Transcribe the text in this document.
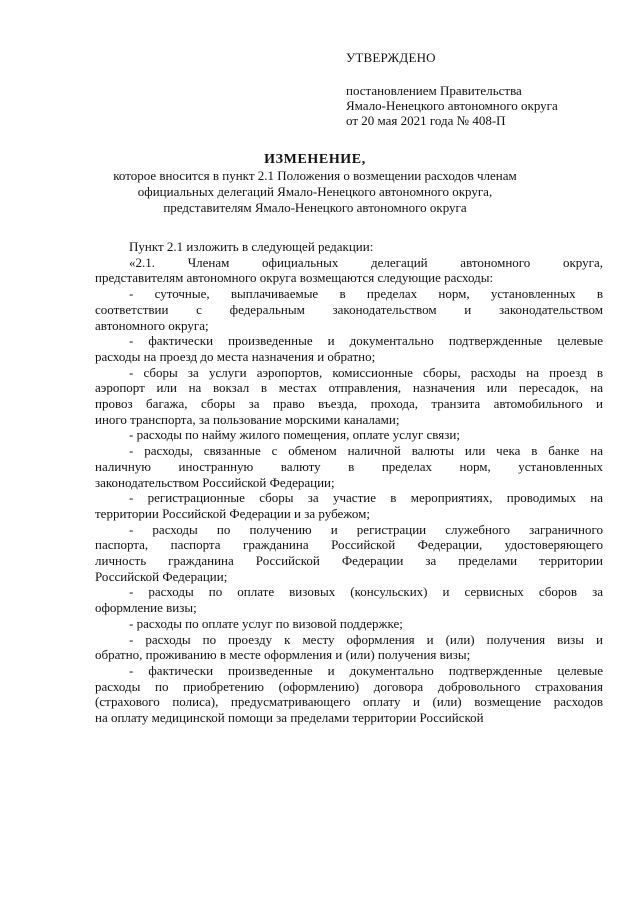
УТВЕРЖДЕНО
постановлением Правительства
Ямало-Ненецкого автономного округа
от 20 мая 2021 года № 408-П
ИЗМЕНЕНИЕ,
которое вносится в пункт 2.1 Положения о возмещении расходов членам
официальных делегаций Ямало-Ненецкого автономного округа,
представителям Ямало-Ненецкого автономного округа
Пункт 2.1 изложить в следующей редакции:
«2.1. Членам официальных делегаций автономного округа,
представителям автономного округа возмещаются следующие расходы:
- суточные, выплачиваемые в пределах норм, установленных в
соответствии с федеральным законодательством и законодательством
автономного округа;
- фактически произведенные и документально подтвержденные целевые
расходы на проезд до места назначения и обратно;
- сборы за услуги аэропортов, комиссионные сборы, расходы на проезд в
аэропорт или на вокзал в местах отправления, назначения или пересадок, на
провоз багажа, сборы за право въезда, прохода, транзита автомобильного и
иного транспорта, за пользование морскими каналами;
- расходы по найму жилого помещения, оплате услуг связи;
- расходы, связанные с обменом наличной валюты или чека в банке на
наличную иностранную валюту в пределах норм, установленных
законодательством Российской Федерации;
- регистрационные сборы за участие в мероприятиях, проводимых на
территории Российской Федерации и за рубежом;
- расходы по получению и регистрации служебного заграничного
паспорта, паспорта гражданина Российской Федерации, удостоверяющего
личность гражданина Российской Федерации за пределами территории
Российской Федерации;
- расходы по оплате визовых (консульских) и сервисных сборов за
оформление визы;
- расходы по оплате услуг по визовой поддержке;
- расходы по проезду к месту оформления и (или) получения визы и
обратно, проживанию в месте оформления и (или) получения визы;
- фактически произведенные и документально подтвержденные целевые
расходы по приобретению (оформлению) договора добровольного страхования
(страхового полиса), предусматривающего оплату и (или) возмещение расходов
на оплату медицинской помощи за пределами территории Российской
